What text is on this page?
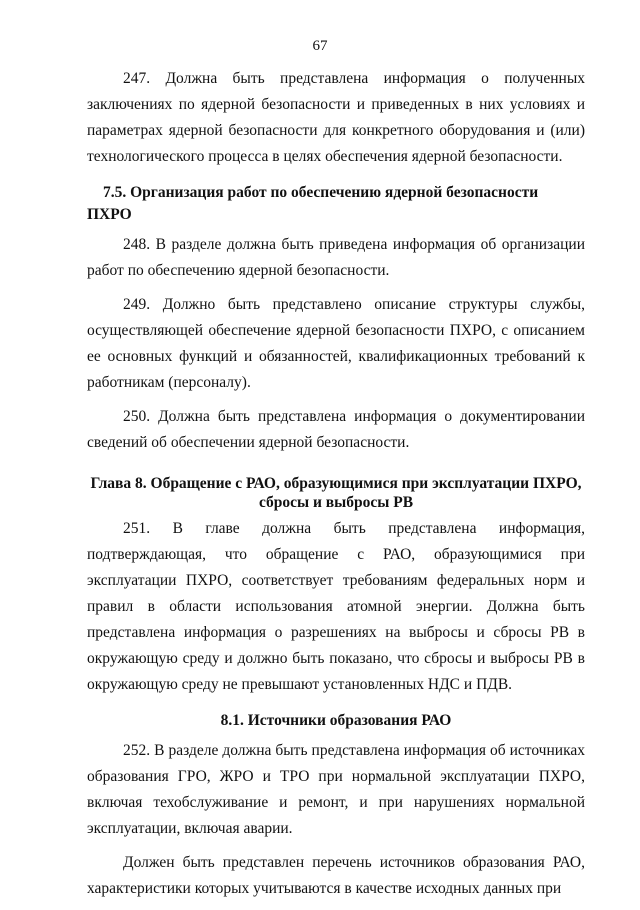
67

247. Должна быть представлена информация о полученных заключениях по ядерной безопасности и приведенных в них условиях и параметрах ядерной безопасности для конкретного оборудования и (или) технологического процесса в целях обеспечения ядерной безопасности.

7.5. Организация работ по обеспечению ядерной безопасности ПХРО

248. В разделе должна быть приведена информация об организации работ по обеспечению ядерной безопасности.

249. Должно быть представлено описание структуры службы, осуществляющей обеспечение ядерной безопасности ПХРО, с описанием ее основных функций и обязанностей, квалификационных требований к работникам (персоналу).

250. Должна быть представлена информация о документировании сведений об обеспечении ядерной безопасности.

Глава 8. Обращение с РАО, образующимися при эксплуатации ПХРО,
сбросы и выбросы РВ

251. В главе должна быть представлена информация, подтверждающая, что обращение с РАО, образующимися при эксплуатации ПХРО, соответствует требованиям федеральных норм и правил в области использования атомной энергии. Должна быть представлена информация о разрешениях на выбросы и сбросы РВ в окружающую среду и должно быть показано, что сбросы и выбросы РВ в окружающую среду не превышают установленных НДС и ПДВ.

8.1. Источники образования РАО

252. В разделе должна быть представлена информация об источниках образования ГРО, ЖРО и ТРО при нормальной эксплуатации ПХРО, включая техобслуживание и ремонт, и при нарушениях нормальной эксплуатации, включая аварии.

Должен быть представлен перечень источников образования РАО, характеристики которых учитываются в качестве исходных данных при
